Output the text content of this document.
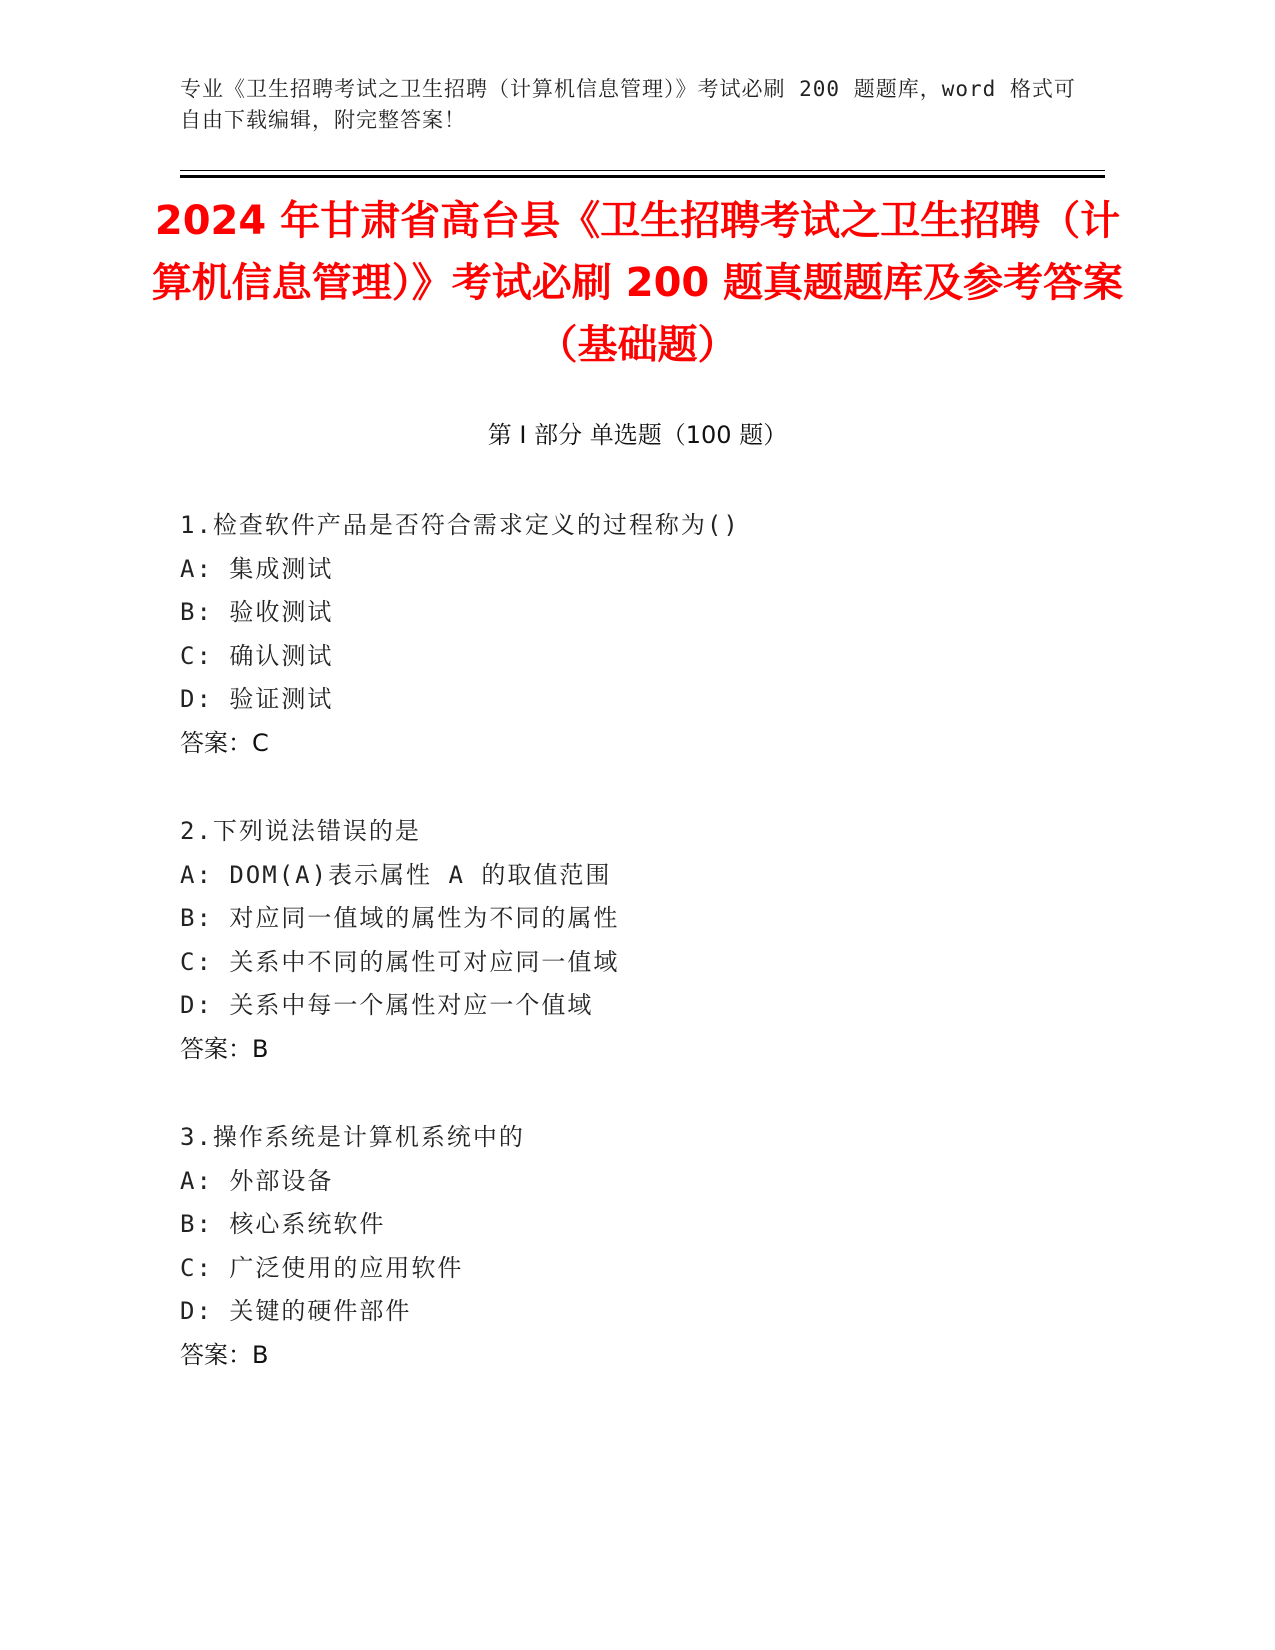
专业《卫生招聘考试之卫生招聘（计算机信息管理）》考试必刷 200 题题库，word 格式可自由下载编辑，附完整答案！
2024 年甘肃省高台县《卫生招聘考试之卫生招聘（计算机信息管理）》考试必刷 200 题真题题库及参考答案（基础题）
第 I 部分 单选题（100 题）
1.检查软件产品是否符合需求定义的过程称为()
A: 集成测试
B: 验收测试
C: 确认测试
D: 验证测试
答案：C
2.下列说法错误的是
A: DOM(A)表示属性 A 的取值范围
B: 对应同一值域的属性为不同的属性
C: 关系中不同的属性可对应同一值域
D: 关系中每一个属性对应一个值域
答案：B
3.操作系统是计算机系统中的
A: 外部设备
B: 核心系统软件
C: 广泛使用的应用软件
D: 关键的硬件部件
答案：B
